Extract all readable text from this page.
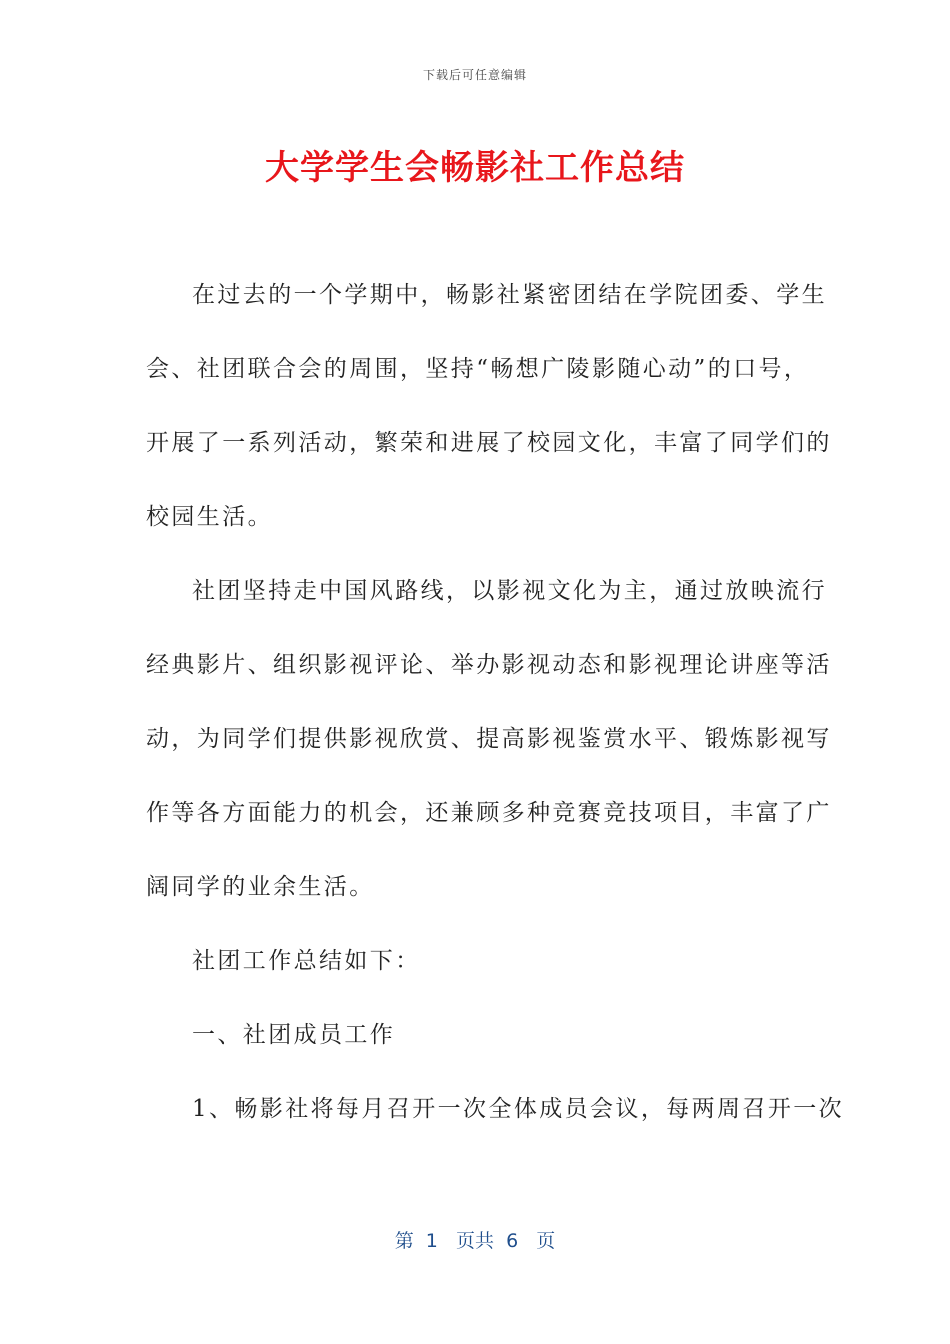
下载后可任意编辑
大学学生会畅影社工作总结
在过去的一个学期中，畅影社紧密团结在学院团委、学生
会、社团联合会的周围，坚持“畅想广陵影随心动”的口号，
开展了一系列活动，繁荣和进展了校园文化，丰富了同学们的
校园生活。
社团坚持走中国风路线，以影视文化为主，通过放映流行
经典影片、组织影视评论、举办影视动态和影视理论讲座等活
动，为同学们提供影视欣赏、提高影视鉴赏水平、锻炼影视写
作等各方面能力的机会，还兼顾多种竞赛竞技项目，丰富了广
阔同学的业余生活。
社团工作总结如下：
一、社团成员工作
1、畅影社将每月召开一次全体成员会议，每两周召开一次
第  1   页共  6   页
